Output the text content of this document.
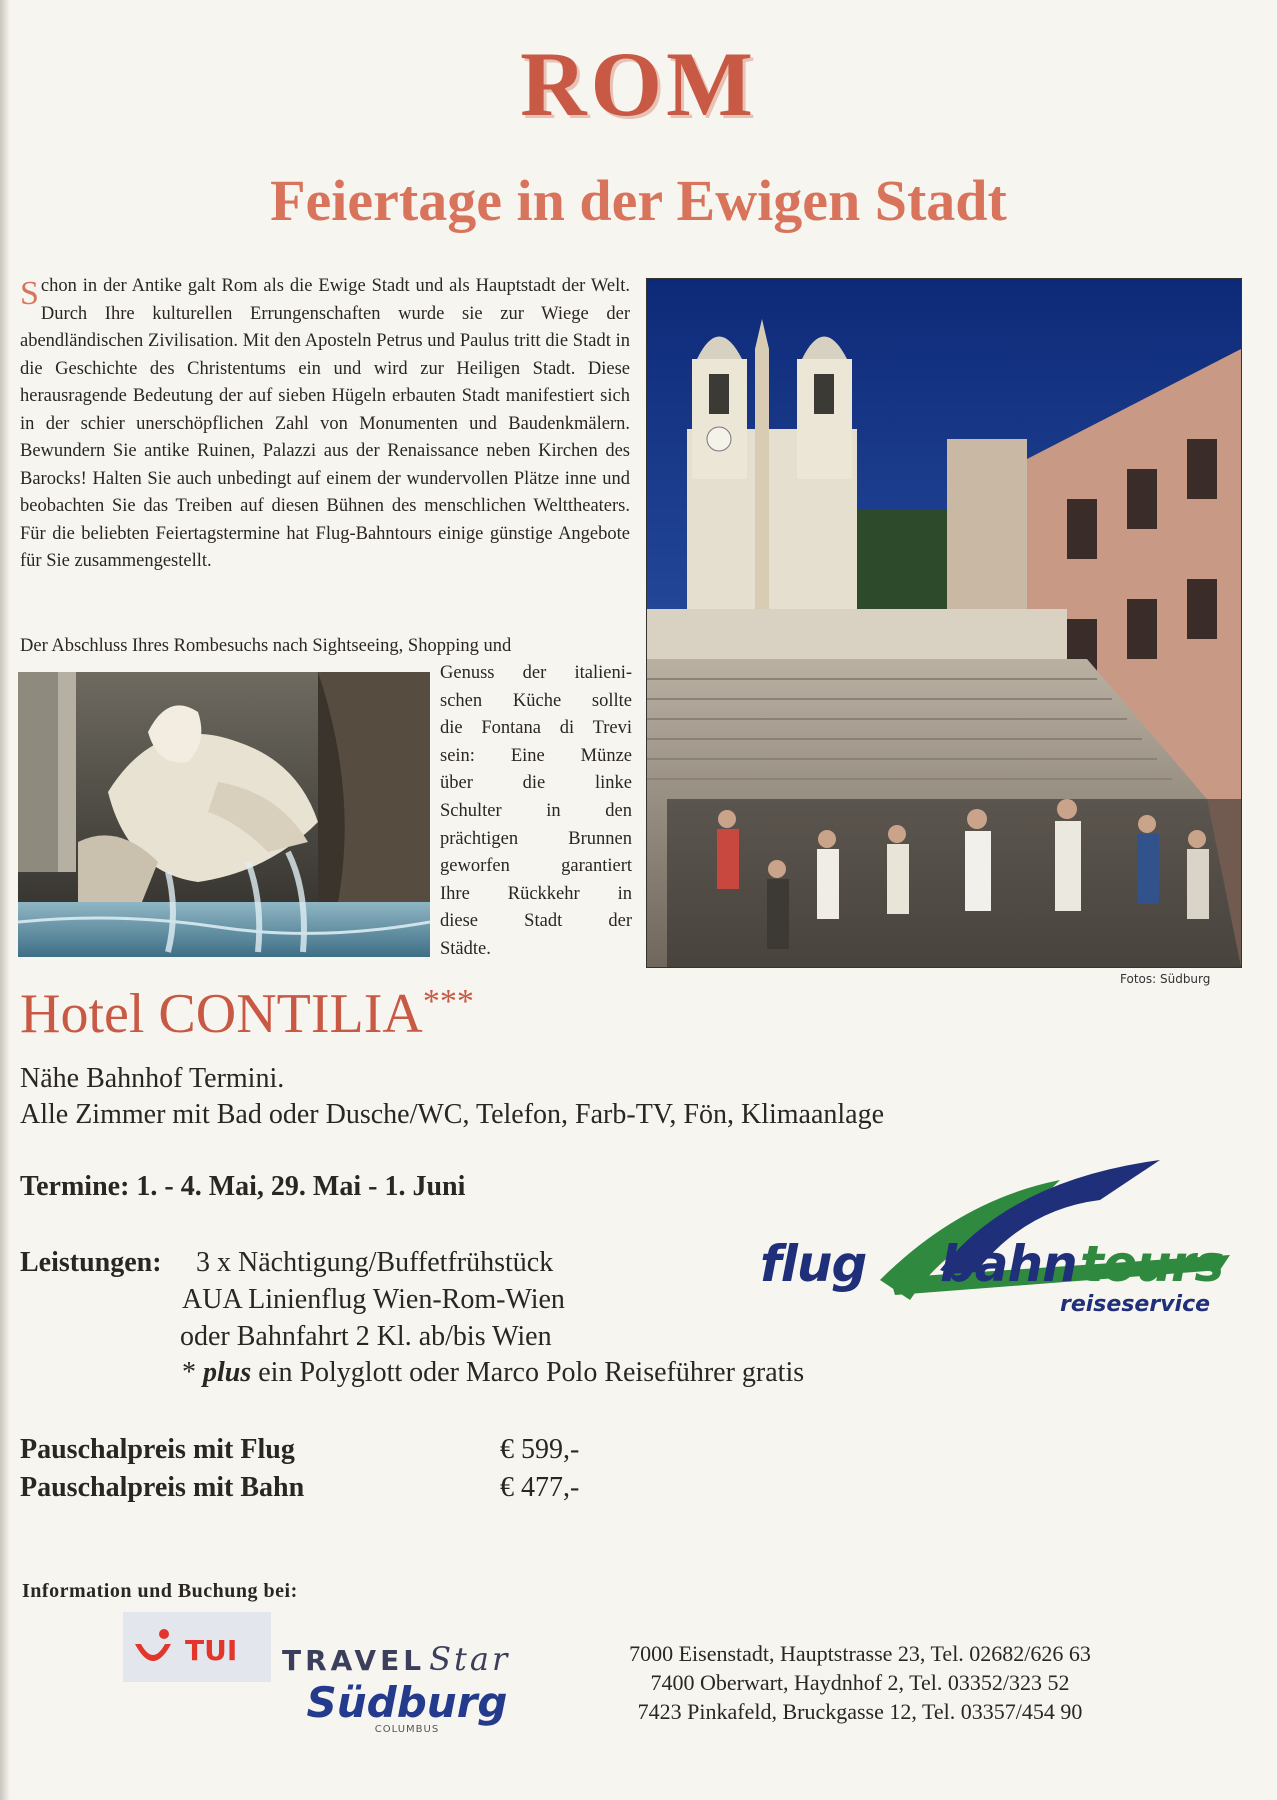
ROM
Feiertage in der Ewigen Stadt
Schon in der Antike galt Rom als die Ewige Stadt und als Hauptstadt der Welt. Durch Ihre kulturellen Errungenschaften wurde sie zur Wiege der abendländischen Zivilisation. Mit den Aposteln Petrus und Paulus tritt die Stadt in die Geschichte des Christentums ein und wird zur Heiligen Stadt. Diese herausragende Bedeutung der auf sieben Hügeln erbauten Stadt manifestiert sich in der schier unerschöpflichen Zahl von Monumenten und Baudenkmälern. Bewundern Sie antike Ruinen, Palazzi aus der Renaissance neben Kirchen des Barocks! Halten Sie auch unbedingt auf einem der wundervollen Plätze inne und beobachten Sie das Treiben auf diesen Bühnen des menschlichen Welttheaters. Für die beliebten Feiertagstermine hat Flug-Bahntours einige günstige Angebote für Sie zusammengestellt.
Der Abschluss Ihres Rombesuchs nach Sightseeing, Shopping und
Genuss der italieni-
schen Küche sollte
die Fontana di Trevi
sein: Eine Münze
über die linke
Schulter in den
prächtigen Brunnen
geworfen garantiert
Ihre Rückkehr in
diese Stadt der
Städte.
Fotos: Südburg
Hotel CONTILIA***
Nähe Bahnhof Termini.
Alle Zimmer mit Bad oder Dusche/WC, Telefon, Farb-TV, Fön, Klimaanlage
Termine: 1. - 4. Mai, 29. Mai - 1. Juni
Leistungen: 3 x Nächtigung/Buffetfrühstück
AUA Linienflug Wien-Rom-Wien
oder Bahnfahrt 2 Kl. ab/bis Wien
* plus ein Polyglott oder Marco Polo Reiseführer gratis
flug bahn tours
reiseservice
Pauschalpreis mit Flug	€ 599,-
Pauschalpreis mit Bahn	€ 477,-
Information und Buchung bei:
TUI TRAVEL Star
Südburg
COLUMBUS
7000 Eisenstadt, Hauptstrasse 23, Tel. 02682/626 63
7400 Oberwart, Haydnhof 2, Tel. 03352/323 52
7423 Pinkafeld, Bruckgasse 12, Tel. 03357/454 90
